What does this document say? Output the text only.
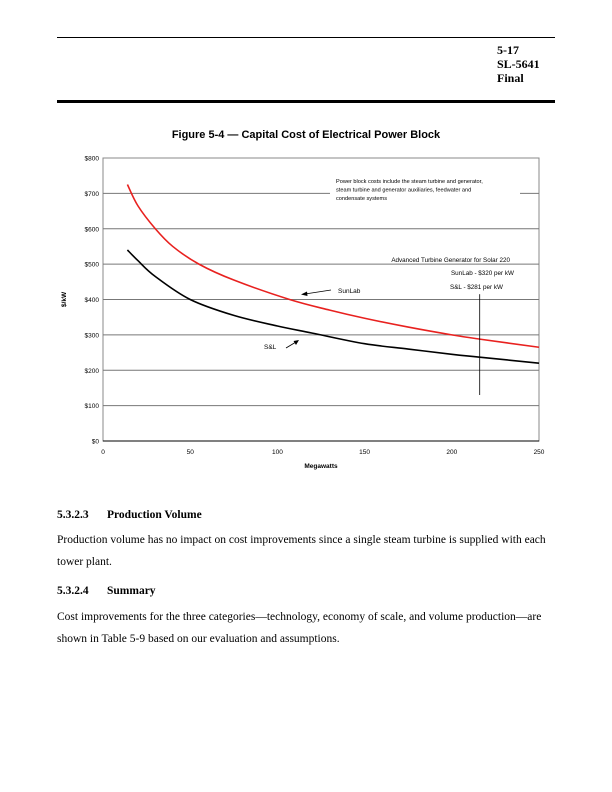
5-17
SL-5641
Final
Figure 5-4 — Capital Cost of Electrical Power Block
$0
$100
$200
$300
$400
$500
$600
$700
$800
0	50	100	150	200	250
Megawatts
$/kW
Power block costs include the steam turbine and generator,
steam turbine and generator auxiliaries, feedwater and
condensate systems
Advanced Turbine Generator for Solar 220
SunLab - $320 per kW
S&L - $281 per kW
SunLab
S&L
5.3.2.3 Production Volume
Production volume has no impact on cost improvements since a single steam turbine is supplied with each tower plant.
5.3.2.4 Summary
Cost improvements for the three categories—technology, economy of scale, and volume production—are shown in Table 5-9 based on our evaluation and assumptions.
